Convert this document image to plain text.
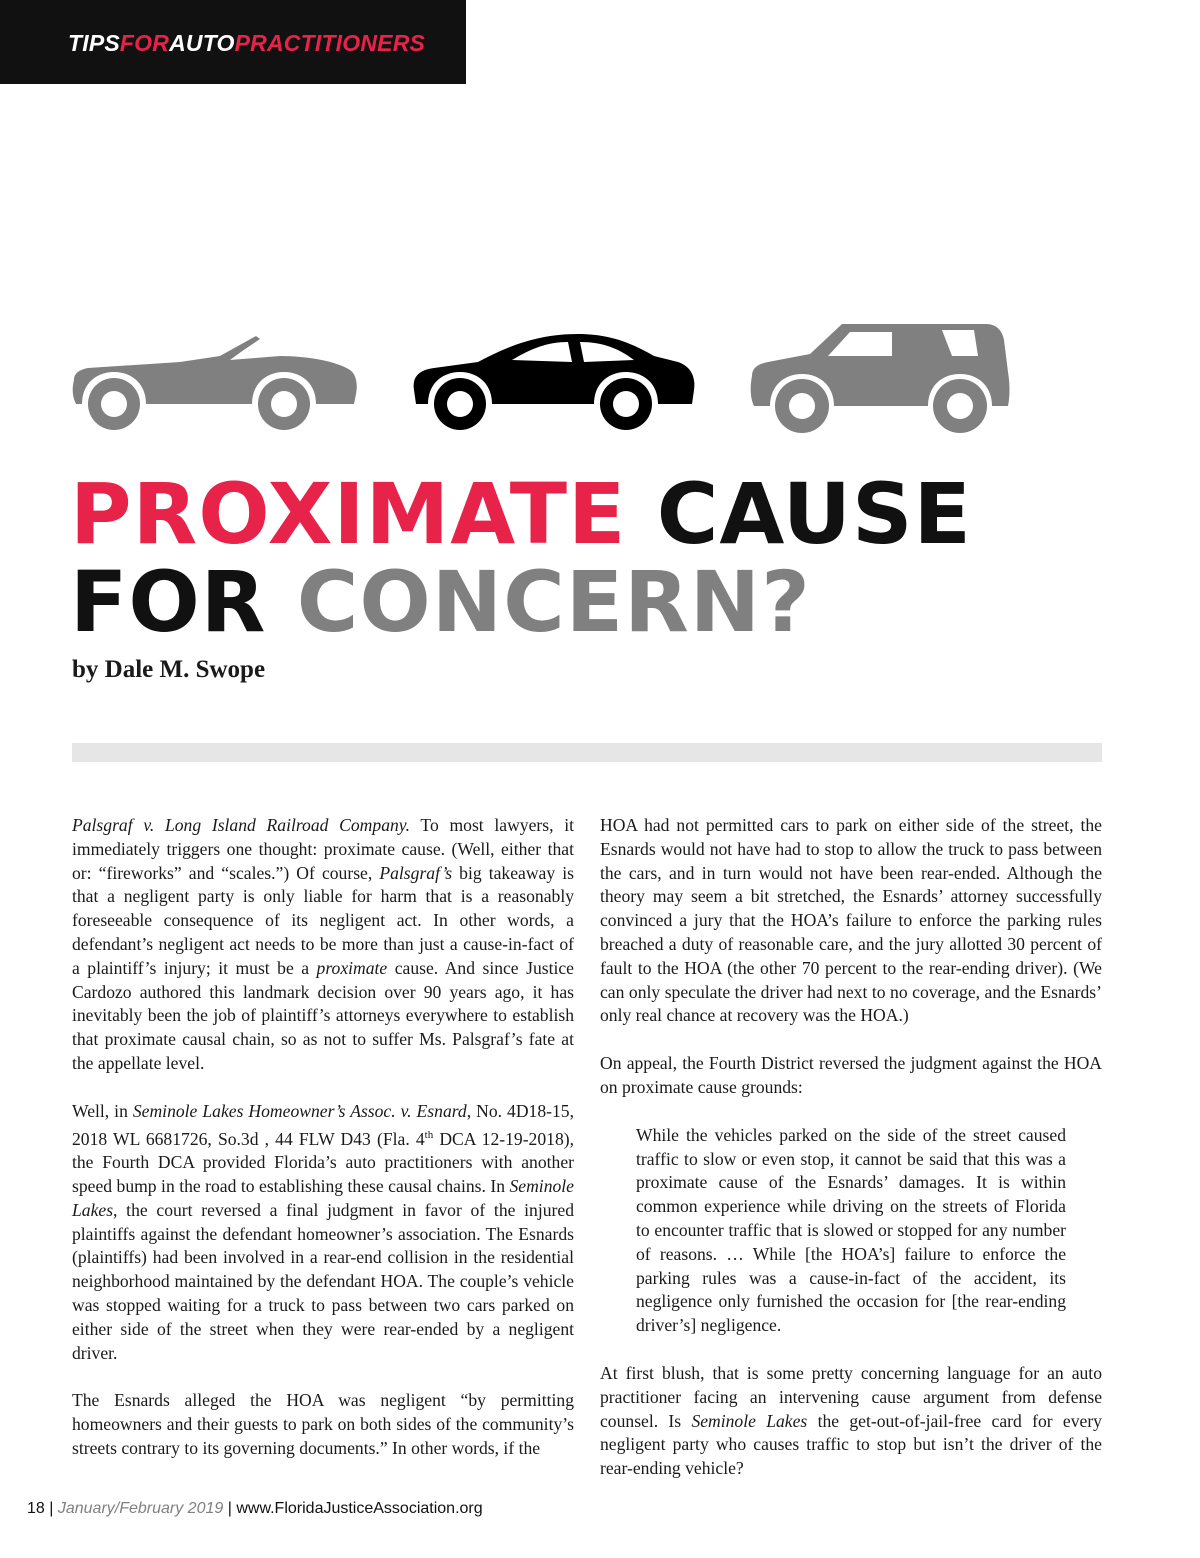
TIPSFORAUTOPRACTITIONERS
PROXIMATE CAUSE
FOR CONCERN?
by Dale M. Swope

Palsgraf v. Long Island Railroad Company. To most lawyers, it immediately triggers one thought: proximate cause. (Well, either that or: “fireworks” and “scales.”) Of course, Palsgraf’s big takeaway is that a negligent party is only liable for harm that is a reasonably foreseeable consequence of its negligent act. In other words, a defendant’s negligent act needs to be more than just a cause-in-fact of a plaintiff’s injury; it must be a proximate cause. And since Justice Cardozo authored this landmark decision over 90 years ago, it has inevitably been the job of plaintiff’s attorneys everywhere to establish that proximate causal chain, so as not to suffer Ms. Palsgraf’s fate at the appellate level.

Well, in Seminole Lakes Homeowner’s Assoc. v. Esnard, No. 4D18-15, 2018 WL 6681726, So.3d , 44 FLW D43 (Fla. 4th DCA 12-19-2018), the Fourth DCA provided Florida’s auto practitioners with another speed bump in the road to establishing these causal chains. In Seminole Lakes, the court reversed a final judgment in favor of the injured plaintiffs against the defendant homeowner’s association. The Esnards (plaintiffs) had been involved in a rear-end collision in the residential neighborhood maintained by the defendant HOA. The couple’s vehicle was stopped waiting for a truck to pass between two cars parked on either side of the street when they were rear-ended by a negligent driver.

The Esnards alleged the HOA was negligent “by permitting homeowners and their guests to park on both sides of the community’s streets contrary to its governing documents.” In other words, if the

HOA had not permitted cars to park on either side of the street, the Esnards would not have had to stop to allow the truck to pass between the cars, and in turn would not have been rear-ended. Although the theory may seem a bit stretched, the Esnards’ attorney successfully convinced a jury that the HOA’s failure to enforce the parking rules breached a duty of reasonable care, and the jury allotted 30 percent of fault to the HOA (the other 70 percent to the rear-ending driver). (We can only speculate the driver had next to no coverage, and the Esnards’ only real chance at recovery was the HOA.)

On appeal, the Fourth District reversed the judgment against the HOA on proximate cause grounds:

While the vehicles parked on the side of the street caused traffic to slow or even stop, it cannot be said that this was a proximate cause of the Esnards’ damages. It is within common experience while driving on the streets of Florida to encounter traffic that is slowed or stopped for any number of reasons. … While [the HOA’s] failure to enforce the parking rules was a cause-in-fact of the accident, its negligence only furnished the occasion for [the rear-ending driver’s] negligence.

At first blush, that is some pretty concerning language for an auto practitioner facing an intervening cause argument from defense counsel. Is Seminole Lakes the get-out-of-jail-free card for every negligent party who causes traffic to stop but isn’t the driver of the rear-ending vehicle?

18 | January/February 2019 | www.FloridaJusticeAssociation.org
